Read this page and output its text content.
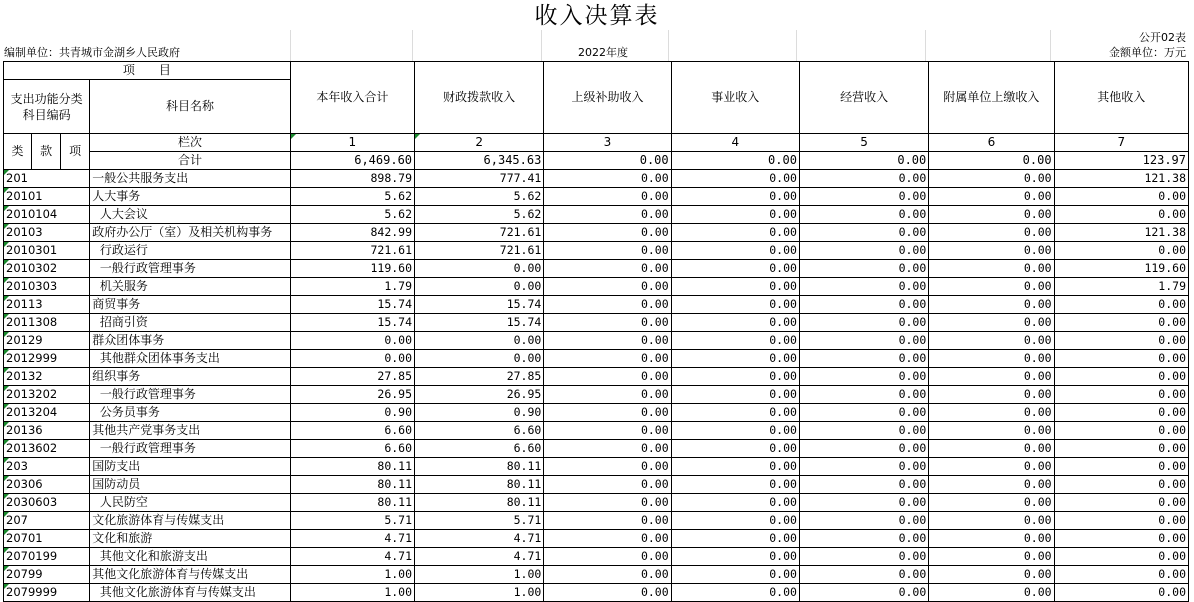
收入决算表
公开02表
编制单位：共青城市金湖乡人民政府	2022年度	金额单位：万元
项　　目				本年收入合计	财政拨款收入	上级补助收入	事业收入	经营收入	附属单位上缴收入	其他收入

支出功能分类
科目编码			科目名称							

类	款	项	栏次	1	2	3	4	5	6	7
			合计	6,469.60	6,345.63	0.00	0.00	0.00	0.00	123.97
201			一般公共服务支出	898.79	777.41	0.00	0.00	0.00	0.00	121.38
20101			人大事务	5.62	5.62	0.00	0.00	0.00	0.00	0.00
2010104			人大会议	5.62	5.62	0.00	0.00	0.00	0.00	0.00
20103			政府办公厅（室）及相关机构事务	842.99	721.61	0.00	0.00	0.00	0.00	121.38
2010301			行政运行	721.61	721.61	0.00	0.00	0.00	0.00	0.00
2010302			一般行政管理事务	119.60	0.00	0.00	0.00	0.00	0.00	119.60
2010303			机关服务	1.79	0.00	0.00	0.00	0.00	0.00	1.79
20113			商贸事务	15.74	15.74	0.00	0.00	0.00	0.00	0.00
2011308			招商引资	15.74	15.74	0.00	0.00	0.00	0.00	0.00
20129			群众团体事务	0.00	0.00	0.00	0.00	0.00	0.00	0.00
2012999			其他群众团体事务支出	0.00	0.00	0.00	0.00	0.00	0.00	0.00
20132			组织事务	27.85	27.85	0.00	0.00	0.00	0.00	0.00
2013202			一般行政管理事务	26.95	26.95	0.00	0.00	0.00	0.00	0.00
2013204			公务员事务	0.90	0.90	0.00	0.00	0.00	0.00	0.00
20136			其他共产党事务支出	6.60	6.60	0.00	0.00	0.00	0.00	0.00
2013602			一般行政管理事务	6.60	6.60	0.00	0.00	0.00	0.00	0.00
203			国防支出	80.11	80.11	0.00	0.00	0.00	0.00	0.00
20306			国防动员	80.11	80.11	0.00	0.00	0.00	0.00	0.00
2030603			人民防空	80.11	80.11	0.00	0.00	0.00	0.00	0.00
207			文化旅游体育与传媒支出	5.71	5.71	0.00	0.00	0.00	0.00	0.00
20701			文化和旅游	4.71	4.71	0.00	0.00	0.00	0.00	0.00
2070199			其他文化和旅游支出	4.71	4.71	0.00	0.00	0.00	0.00	0.00
20799			其他文化旅游体育与传媒支出	1.00	1.00	0.00	0.00	0.00	0.00	0.00
2079999			其他文化旅游体育与传媒支出	1.00	1.00	0.00	0.00	0.00	0.00	0.00
